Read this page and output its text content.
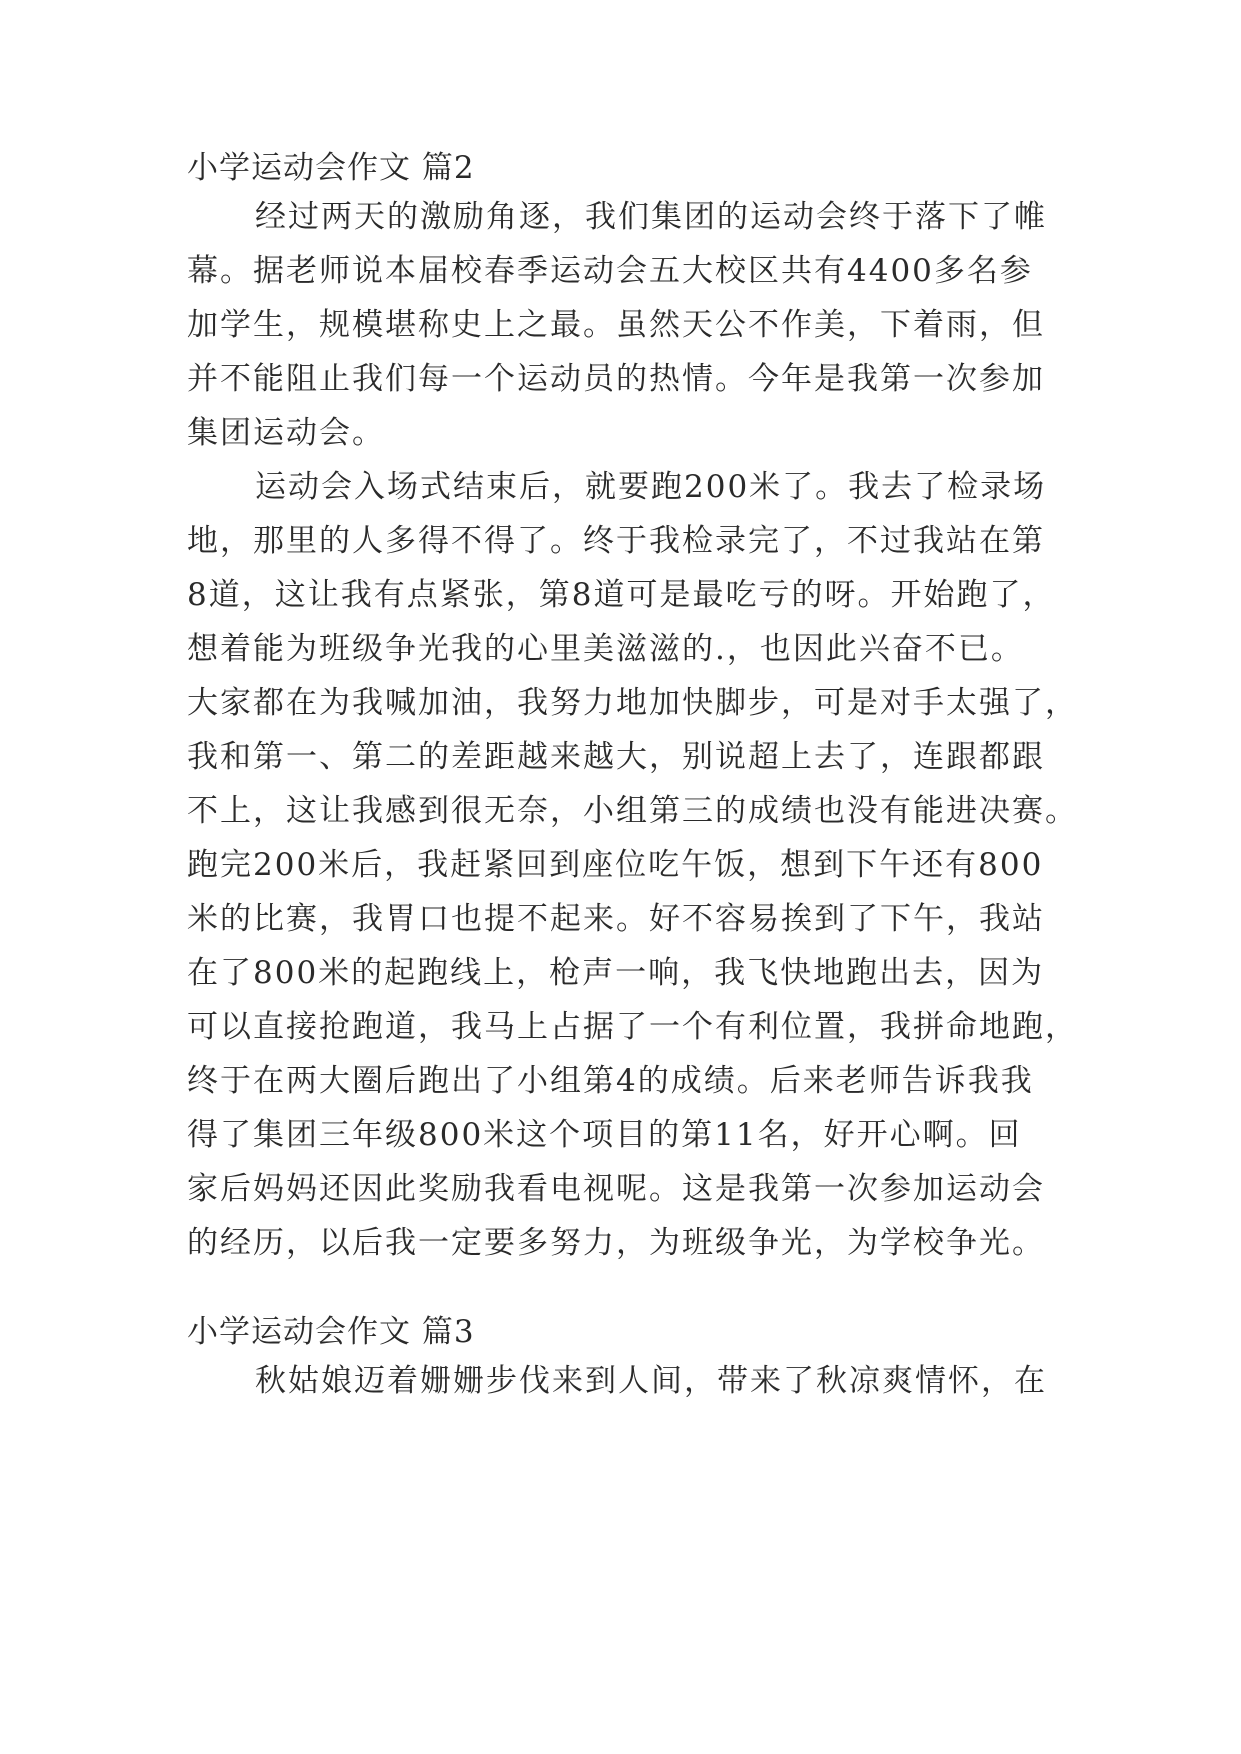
小学运动会作文 篇2

经过两天的激励角逐，我们集团的运动会终于落下了帷

幕。据老师说本届校春季运动会五大校区共有4400多名参

加学生，规模堪称史上之最。虽然天公不作美，下着雨，但

并不能阻止我们每一个运动员的热情。今年是我第一次参加

集团运动会。

运动会入场式结束后，就要跑200米了。我去了检录场

地，那里的人多得不得了。终于我检录完了，不过我站在第

8道，这让我有点紧张，第8道可是最吃亏的呀。开始跑了，

想着能为班级争光我的心里美滋滋的.，也因此兴奋不已。

大家都在为我喊加油，我努力地加快脚步，可是对手太强了，

我和第一、第二的差距越来越大，别说超上去了，连跟都跟

不上，这让我感到很无奈，小组第三的成绩也没有能进决赛。

跑完200米后，我赶紧回到座位吃午饭，想到下午还有800

米的比赛，我胃口也提不起来。好不容易挨到了下午，我站

在了800米的起跑线上，枪声一响，我飞快地跑出去，因为

可以直接抢跑道，我马上占据了一个有利位置，我拼命地跑，

终于在两大圈后跑出了小组第4的成绩。后来老师告诉我我

得了集团三年级800米这个项目的第11名，好开心啊。回

家后妈妈还因此奖励我看电视呢。这是我第一次参加运动会

的经历，以后我一定要多努力，为班级争光，为学校争光。

小学运动会作文 篇3

秋姑娘迈着姗姗步伐来到人间，带来了秋凉爽情怀，在
